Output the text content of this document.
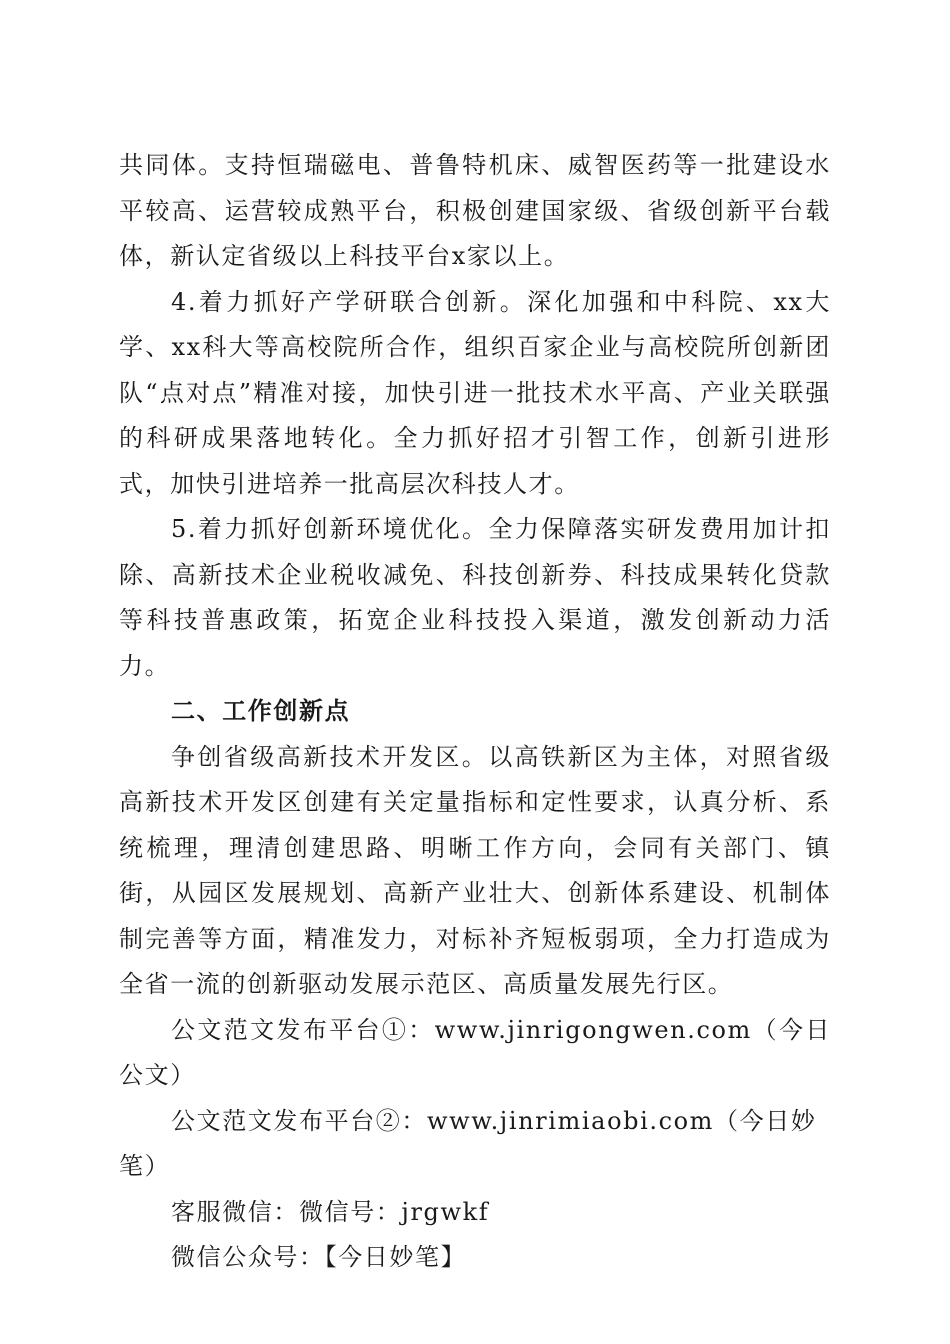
共同体。支持恒瑞磁电、普鲁特机床、威智医药等一批建设水平较高、运营较成熟平台，积极创建国家级、省级创新平台载体，新认定省级以上科技平台x家以上。

4.着力抓好产学研联合创新。深化加强和中科院、xx大学、xx科大等高校院所合作，组织百家企业与高校院所创新团队“点对点”精准对接，加快引进一批技术水平高、产业关联强的科研成果落地转化。全力抓好招才引智工作，创新引进形式，加快引进培养一批高层次科技人才。

5.着力抓好创新环境优化。全力保障落实研发费用加计扣除、高新技术企业税收减免、科技创新券、科技成果转化贷款等科技普惠政策，拓宽企业科技投入渠道，激发创新动力活力。

二、工作创新点

争创省级高新技术开发区。以高铁新区为主体，对照省级高新技术开发区创建有关定量指标和定性要求，认真分析、系统梳理，理清创建思路、明晰工作方向，会同有关部门、镇街，从园区发展规划、高新产业壮大、创新体系建设、机制体制完善等方面，精准发力，对标补齐短板弱项，全力打造成为全省一流的创新驱动发展示范区、高质量发展先行区。

公文范文发布平台①：www.jinrigongwen.com（今日公文）

公文范文发布平台②：www.jinrimiaobi.com（今日妙笔）

客服微信：微信号：jrgwkf

微信公众号：【今日妙笔】
